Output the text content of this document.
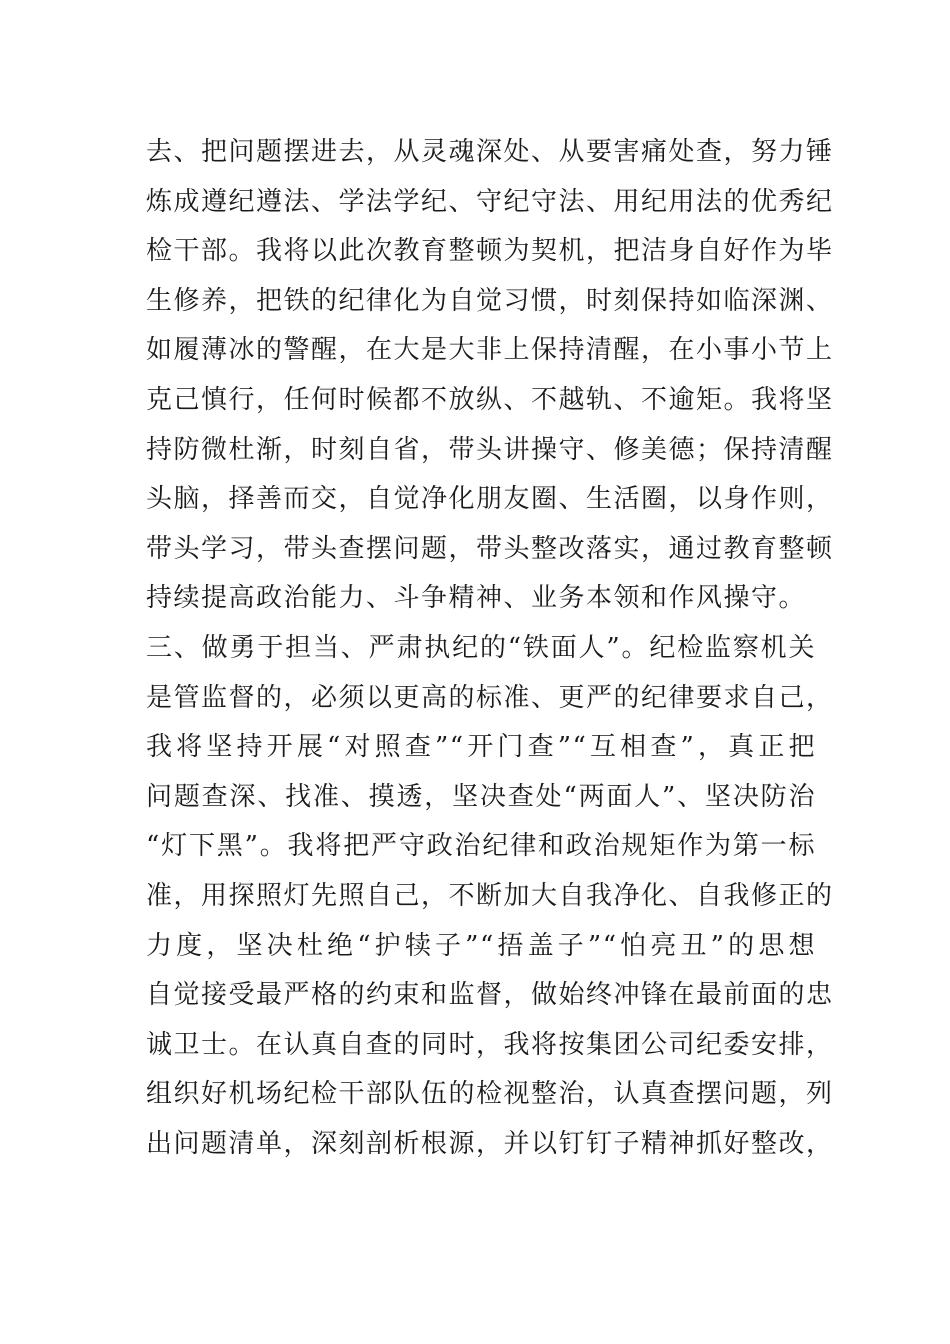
去、把问题摆进去，从灵魂深处、从要害痛处查，努力锤
炼成遵纪遵法、学法学纪、守纪守法、用纪用法的优秀纪
检干部。我将以此次教育整顿为契机，把洁身自好作为毕
生修养，把铁的纪律化为自觉习惯，时刻保持如临深渊、
如履薄冰的警醒，在大是大非上保持清醒，在小事小节上
克己慎行，任何时候都不放纵、不越轨、不逾矩。我将坚
持防微杜渐，时刻自省，带头讲操守、修美德；保持清醒
头脑，择善而交，自觉净化朋友圈、生活圈，以身作则，
带头学习，带头查摆问题，带头整改落实，通过教育整顿
持续提高政治能力、斗争精神、业务本领和作风操守。
三、做勇于担当、严肃执纪的“铁面人”。纪检监察机关
是管监督的，必须以更高的标准、更严的纪律要求自己，
我将坚持开展“对照查”“开门查”“互相查”，真正把
问题查深、找准、摸透，坚决查处“两面人”、坚决防治
“灯下黑”。我将把严守政治纪律和政治规矩作为第一标
准，用探照灯先照自己，不断加大自我净化、自我修正的
力度，坚决杜绝“护犊子”“捂盖子”“怕亮丑”的思想
自觉接受最严格的约束和监督，做始终冲锋在最前面的忠
诚卫士。在认真自查的同时，我将按集团公司纪委安排，
组织好机场纪检干部队伍的检视整治，认真查摆问题，列
出问题清单，深刻剖析根源，并以钉钉子精神抓好整改，
